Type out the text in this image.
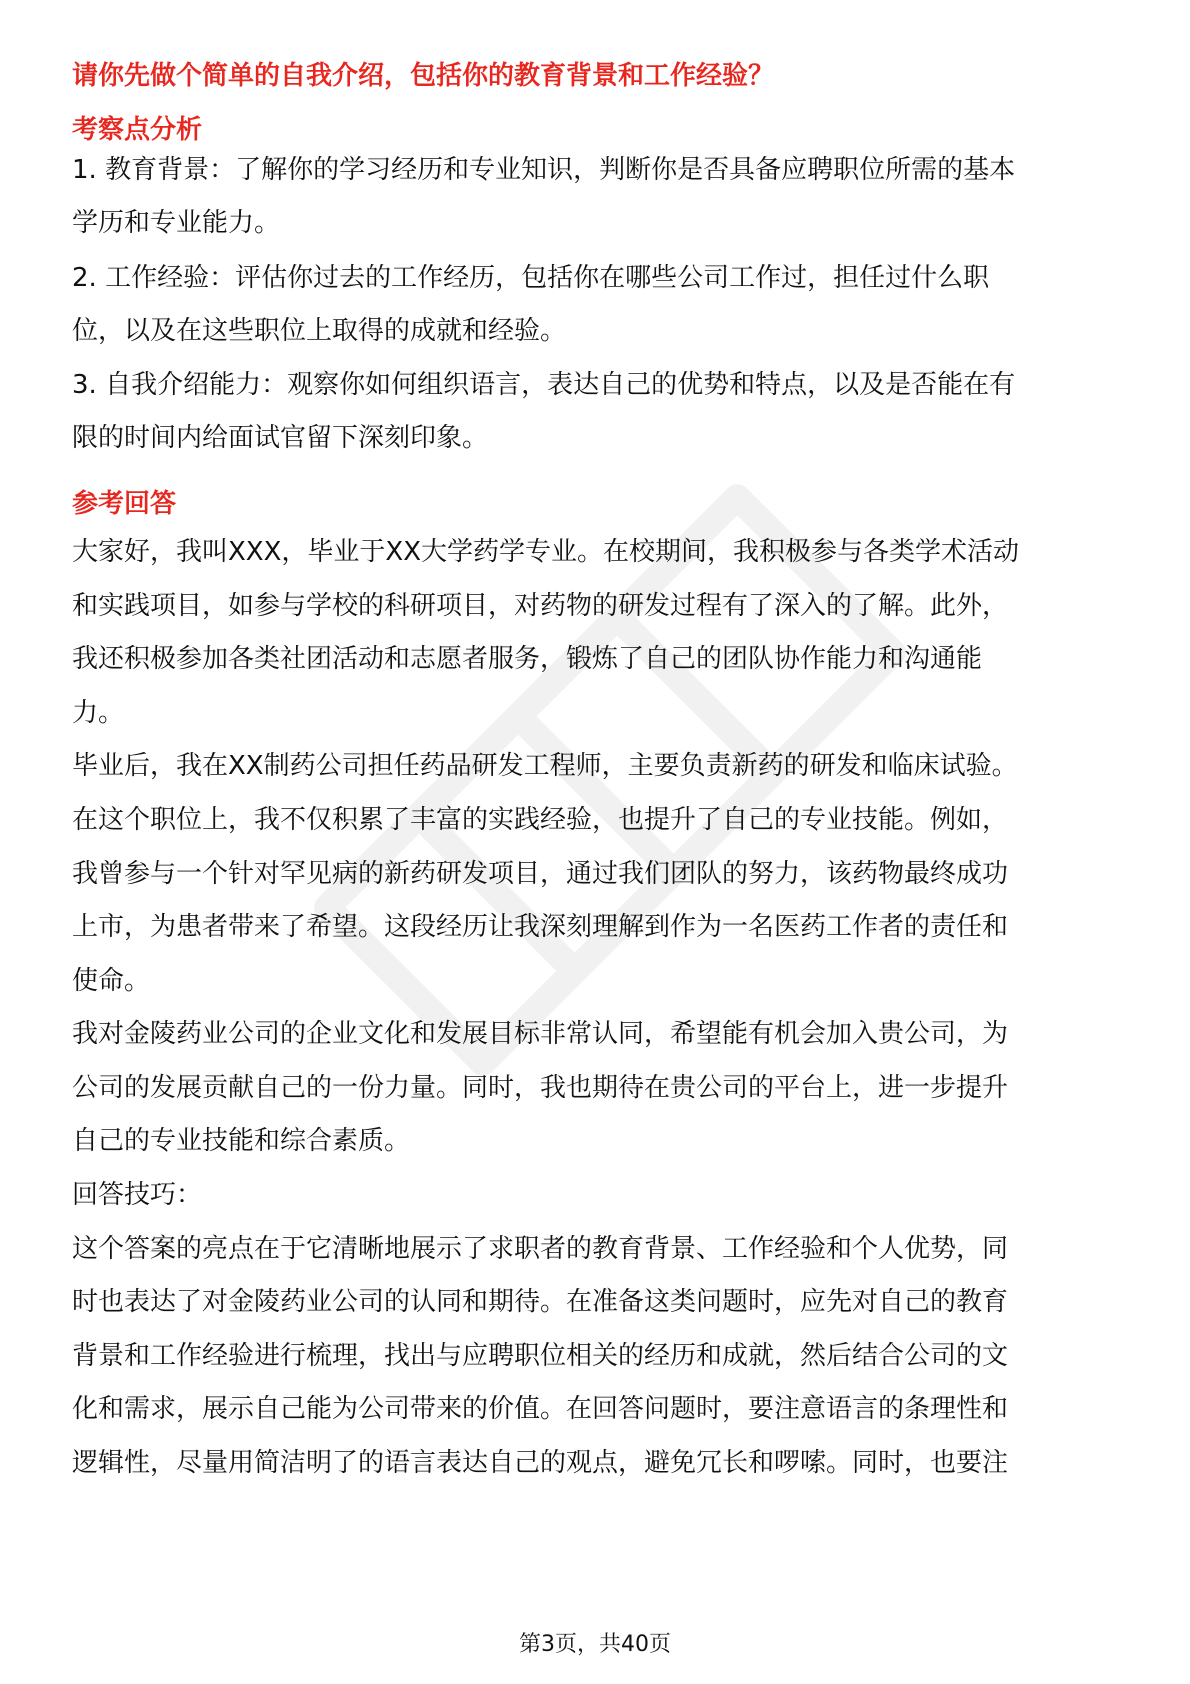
请你先做个简单的自我介绍，包括你的教育背景和工作经验？
考察点分析
1. 教育背景：了解你的学习经历和专业知识，判断你是否具备应聘职位所需的基本
学历和专业能力。
2. 工作经验：评估你过去的工作经历，包括你在哪些公司工作过，担任过什么职
位，以及在这些职位上取得的成就和经验。
3. 自我介绍能力：观察你如何组织语言，表达自己的优势和特点，以及是否能在有
限的时间内给面试官留下深刻印象。
参考回答
大家好，我叫XXX，毕业于XX大学药学专业。在校期间，我积极参与各类学术活动
和实践项目，如参与学校的科研项目，对药物的研发过程有了深入的了解。此外，
我还积极参加各类社团活动和志愿者服务，锻炼了自己的团队协作能力和沟通能
力。
毕业后，我在XX制药公司担任药品研发工程师，主要负责新药的研发和临床试验。
在这个职位上，我不仅积累了丰富的实践经验，也提升了自己的专业技能。例如，
我曾参与一个针对罕见病的新药研发项目，通过我们团队的努力，该药物最终成功
上市，为患者带来了希望。这段经历让我深刻理解到作为一名医药工作者的责任和
使命。
我对金陵药业公司的企业文化和发展目标非常认同，希望能有机会加入贵公司，为
公司的发展贡献自己的一份力量。同时，我也期待在贵公司的平台上，进一步提升
自己的专业技能和综合素质。
回答技巧：
这个答案的亮点在于它清晰地展示了求职者的教育背景、工作经验和个人优势，同
时也表达了对金陵药业公司的认同和期待。在准备这类问题时，应先对自己的教育
背景和工作经验进行梳理，找出与应聘职位相关的经历和成就，然后结合公司的文
化和需求，展示自己能为公司带来的价值。在回答问题时，要注意语言的条理性和
逻辑性，尽量用简洁明了的语言表达自己的观点，避免冗长和啰嗦。同时，也要注
第3页，共40页
